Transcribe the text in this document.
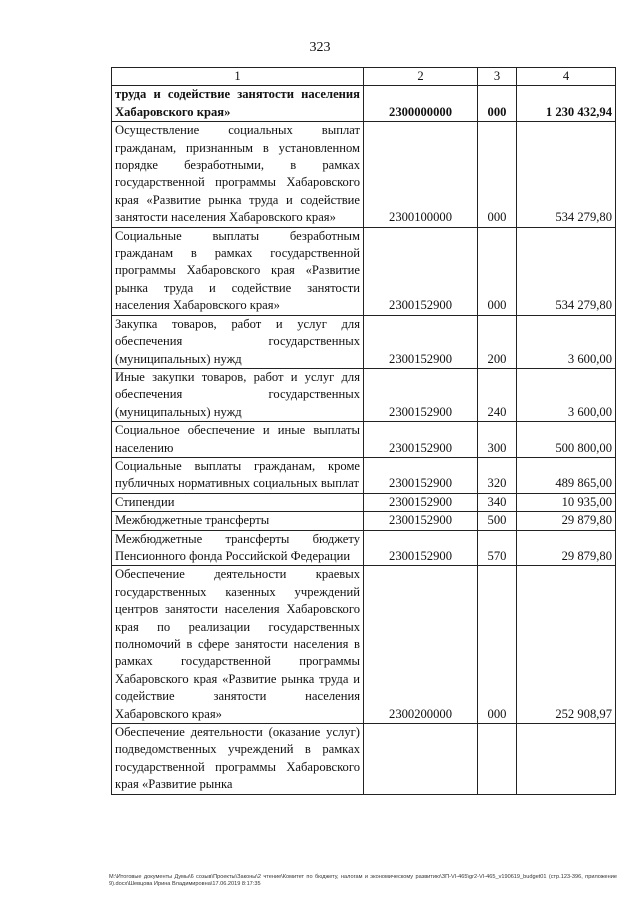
323
1	2	3	4
труда и содействие занятости населения Хабаровского края»	2300000000	000	1 230 432,94
Осуществление социальных выплат гражданам, признанным в установленном порядке безработными, в рамках государственной программы Хабаровского края «Развитие рынка труда и содействие занятости населения Хабаровского края»	2300100000	000	534 279,80
Социальные выплаты безработным гражданам в рамках государственной программы Хабаровского края «Развитие рынка труда и содействие занятости населения Хабаровского края»	2300152900	000	534 279,80
Закупка товаров, работ и услуг для обеспечения государственных (муниципальных) нужд	2300152900	200	3 600,00
Иные закупки товаров, работ и услуг для обеспечения государственных (муниципальных) нужд	2300152900	240	3 600,00
Социальное обеспечение и иные выплаты населению	2300152900	300	500 800,00
Социальные выплаты гражданам, кроме публичных нормативных социальных выплат	2300152900	320	489 865,00
Стипендии	2300152900	340	10 935,00
Межбюджетные трансферты	2300152900	500	29 879,80
Межбюджетные трансферты бюджету Пенсионного фонда Российской Федерации	2300152900	570	29 879,80
Обеспечение деятельности краевых государственных казенных учреждений центров занятости населения Хабаровского края по реализации государственных полномочий в сфере занятости населения в рамках государственной программы Хабаровского края «Развитие рынка труда и содействие занятости населения Хабаровского края»	2300200000	000	252 908,97
Обеспечение деятельности (оказание услуг) подведомственных учреждений в рамках государственной программы Хабаровского края «Развитие рынка			
М:\Итоговые документы Думы\6 созыв\Проекты\Законы\2 чтение\Комитет по бюджету, налогам и экономическому развитию\ЗП-VI-465\gr2-VI-465_v190619_budget01 (стр.123-396, приложение 9).docx\Шевцова Ирина Владимировна\17.06.2019 8:17:35
